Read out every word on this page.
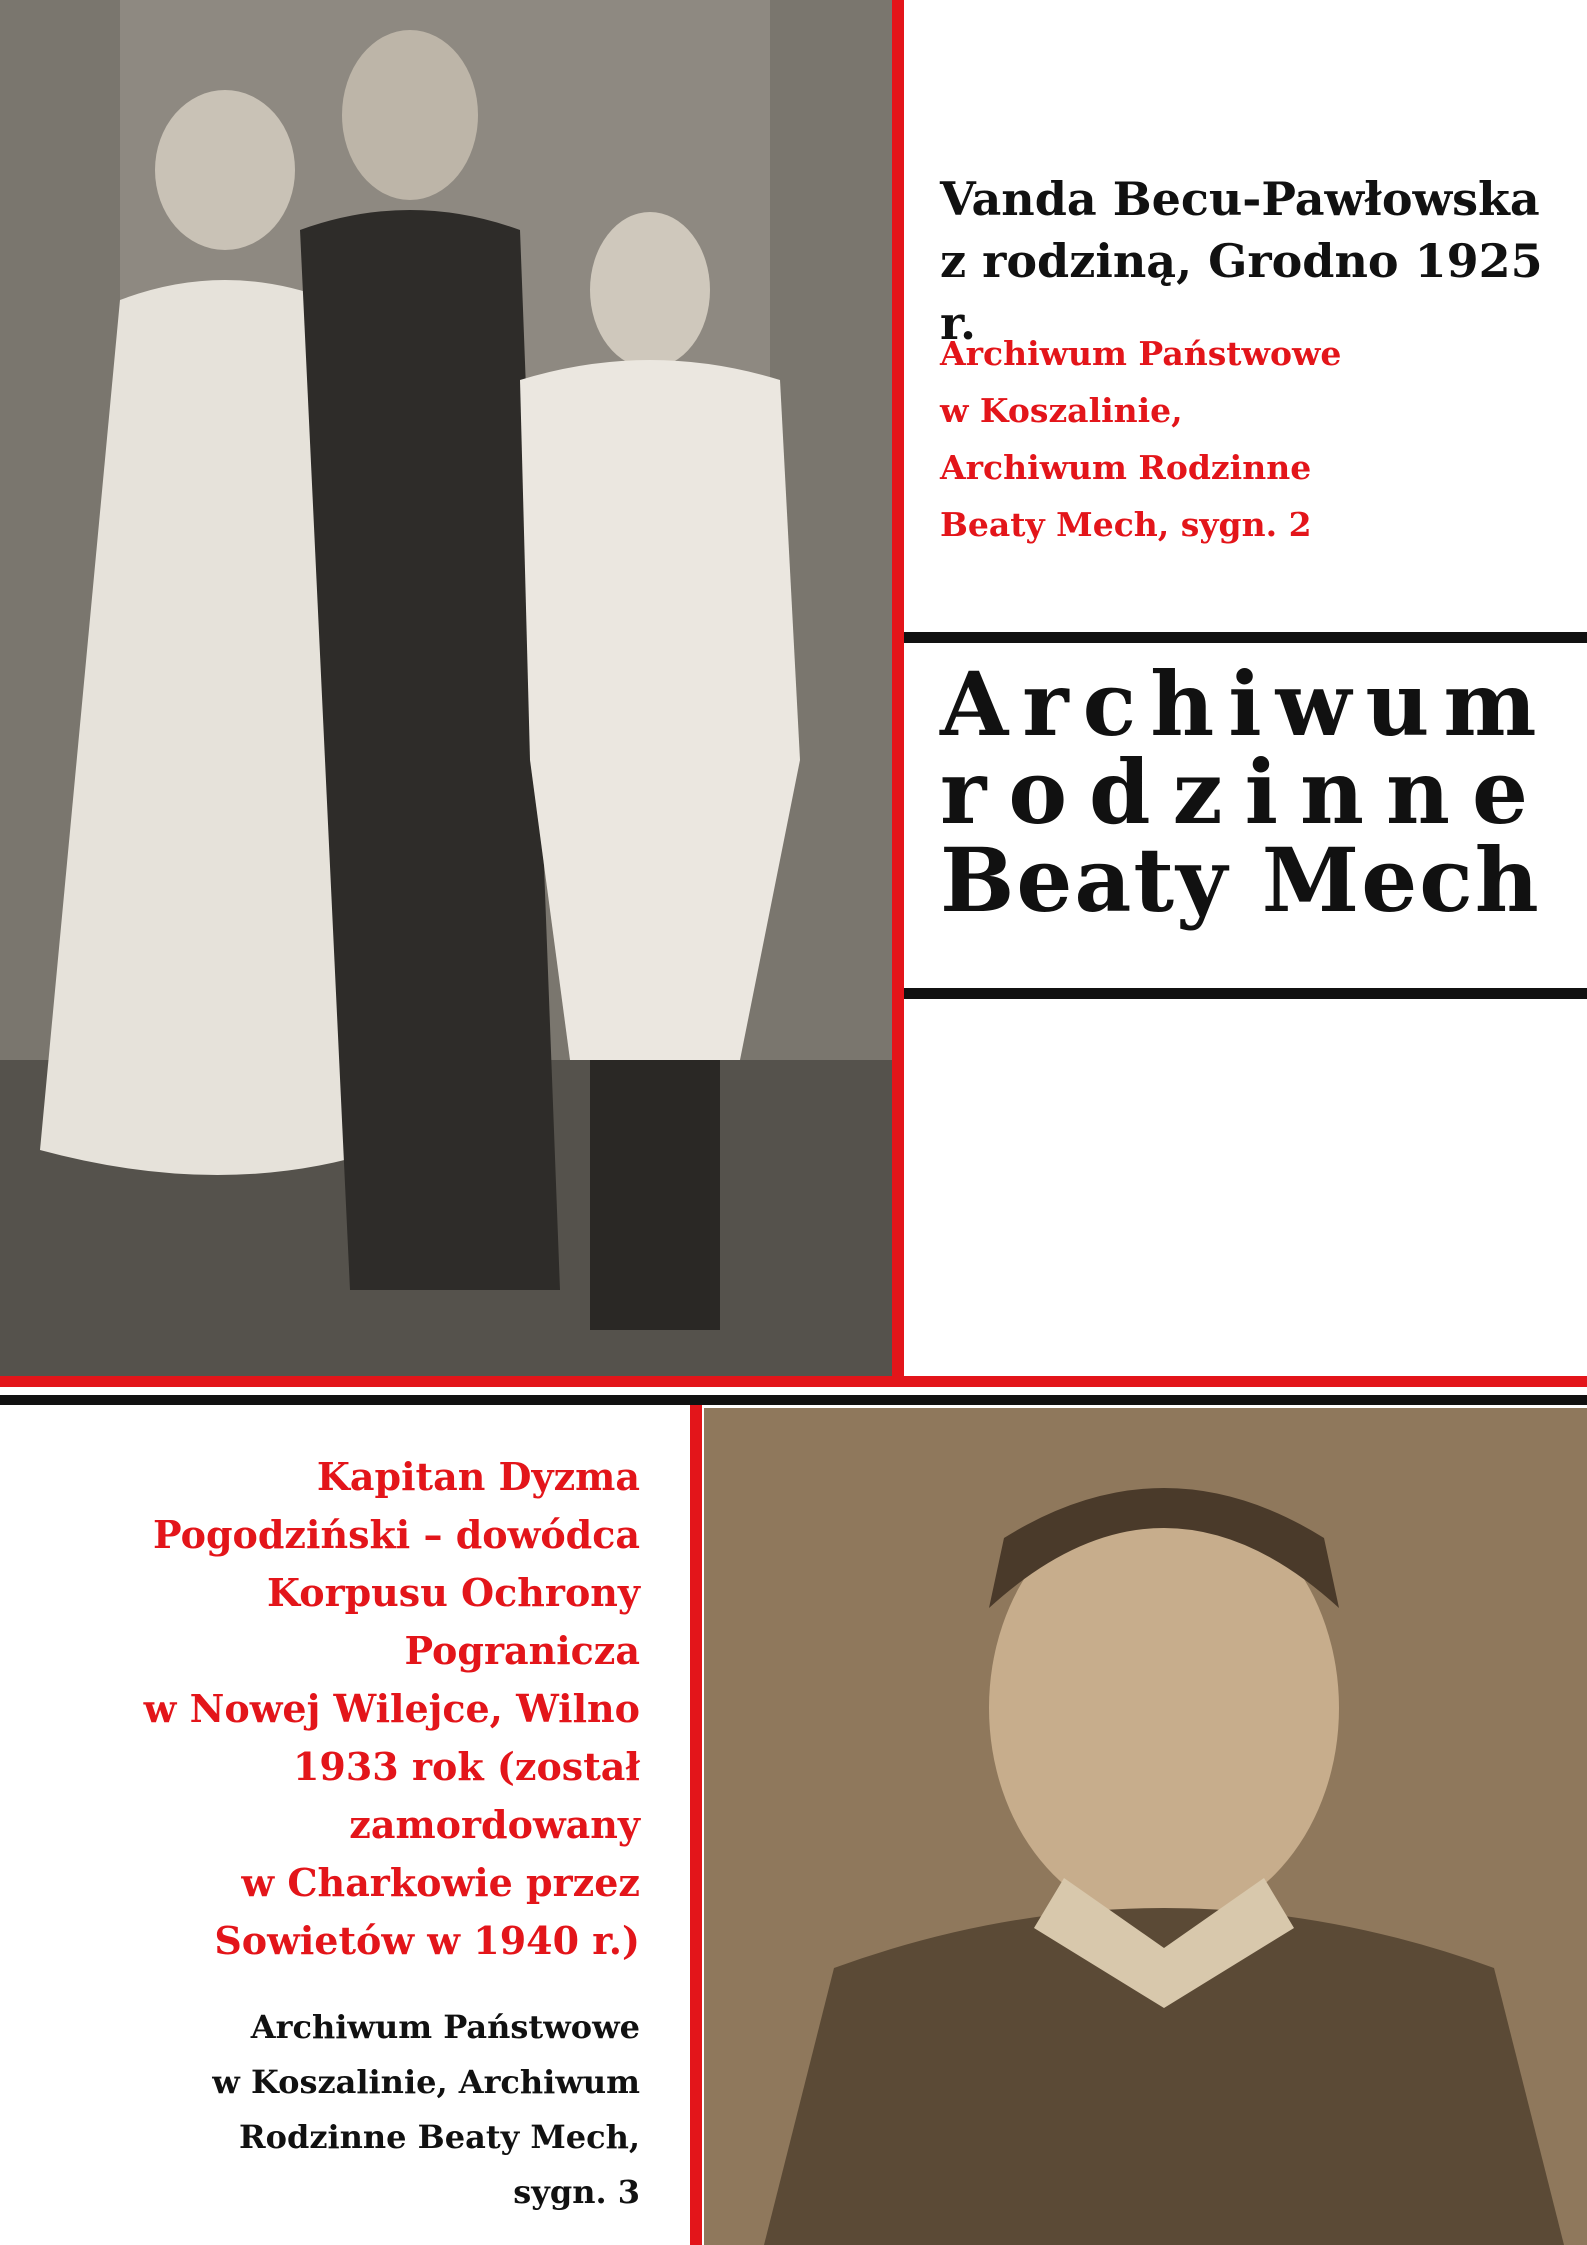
Vanda Becu-Pawłowska
z rodziną, Grodno 1925 r.
Archiwum Państwowe
w Koszalinie,
Archiwum Rodzinne
Beaty Mech, sygn. 2
Archiwum
rodzinne
Beaty Mech
Kapitan Dyzma
Pogodziński – dowódca
Korpusu Ochrony
Pogranicza
w Nowej Wilejce, Wilno
1933 rok (został
zamordowany
w Charkowie przez
Sowietów w 1940 r.)
Archiwum Państwowe
w Koszalinie, Archiwum
Rodzinne Beaty Mech,
sygn. 3
